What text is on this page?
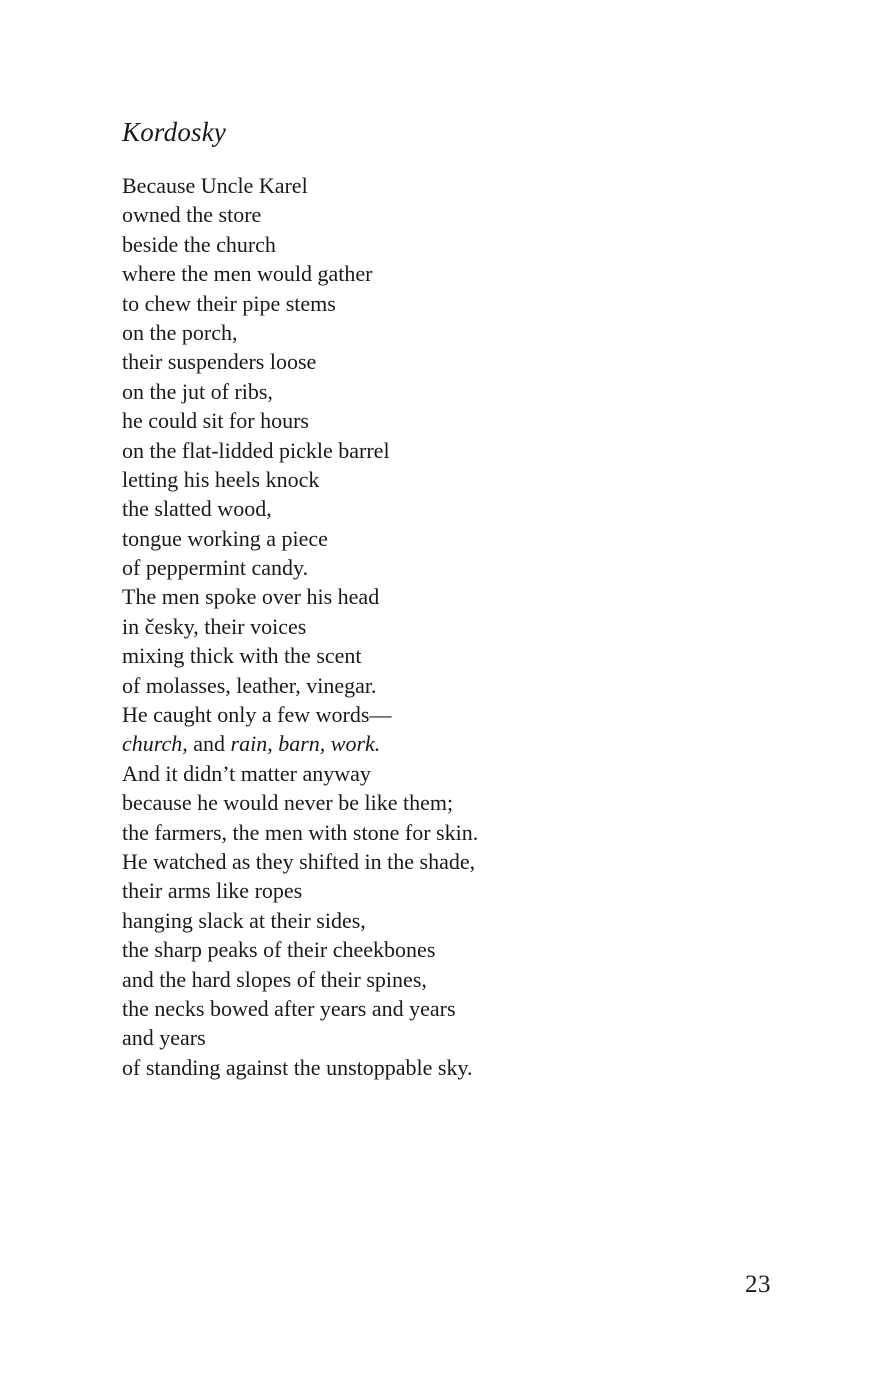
Kordosky
Because Uncle Karel
owned the store
beside the church
where the men would gather
to chew their pipe stems
on the porch,
their suspenders loose
on the jut of ribs,
he could sit for hours
on the flat-lidded pickle barrel
letting his heels knock
the slatted wood,
tongue working a piece
of peppermint candy.
The men spoke over his head
in česky, their voices
mixing thick with the scent
of molasses, leather, vinegar.
He caught only a few words—
church, and rain, barn, work.
And it didn’t matter anyway
because he would never be like them;
the farmers, the men with stone for skin.
He watched as they shifted in the shade,
their arms like ropes
hanging slack at their sides,
the sharp peaks of their cheekbones
and the hard slopes of their spines,
the necks bowed after years and years
and years
of standing against the unstoppable sky.
23
